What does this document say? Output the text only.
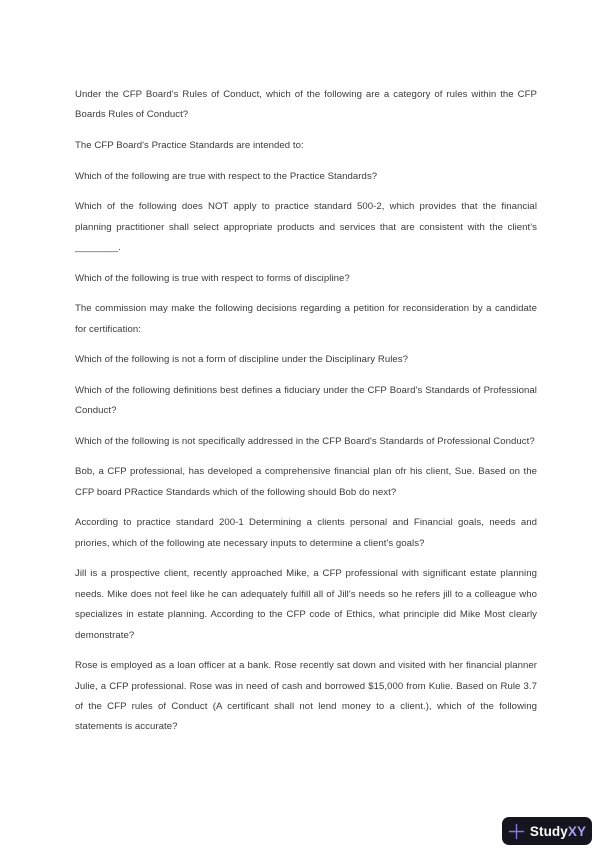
Under the CFP Board's Rules of Conduct, which of the following are a category of rules within the CFP Boards Rules of Conduct?

The CFP Board's Practice Standards are intended to:

Which of the following are true with respect to the Practice Standards?

Which of the following does NOT apply to practice standard 500-2, which provides that the financial planning practitioner shall select appropriate products and services that are consistent with the client's ________.

Which of the following is true with respect to forms of discipline?

The commission may make the following decisions regarding a petition for reconsideration by a candidate for certification:

Which of the following is not a form of discipline under the Disciplinary Rules?

Which of the following definitions best defines a fiduciary under the CFP Board's Standards of Professional Conduct?

Which of the following is not specifically addressed in the CFP Board's Standards of Professional Conduct?

Bob, a CFP professional, has developed a comprehensive financial plan ofr his client, Sue. Based on the CFP board PRactice Standards which of the following should Bob do next?

According to practice standard 200-1 Determining a clients personal and Financial goals, needs and priories, which of the following ate necessary inputs to determine a client's goals?

Jill is a prospective client, recently approached Mike, a CFP professional with significant estate planning needs. Mike does not feel like he can adequately fulfill all of Jill's needs so he refers jill to a colleague who specializes in estate planning. According to the CFP code of Ethics, what principle did Mike Most clearly demonstrate?

Rose is employed as a loan officer at a bank. Rose recently sat down and visited with her financial planner Julie, a CFP professional. Rose was in need of cash and borrowed $15,000 from Kulie. Based on Rule 3.7 of the CFP rules of Conduct (A certificant shall not lend money to a client.), which of the following statements is accurate?

StudyXY
